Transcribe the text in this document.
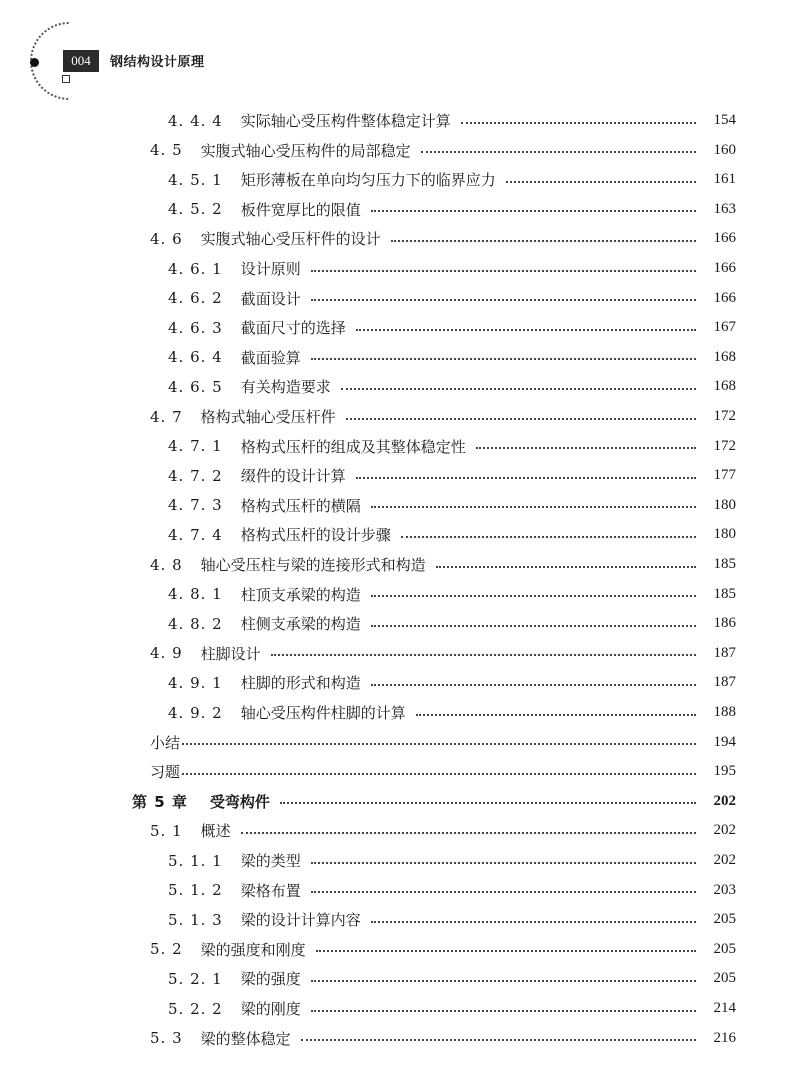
004	钢结构设计原理
4. 4. 4 实际轴心受压构件整体稳定计算	154
4. 5 实腹式轴心受压构件的局部稳定	160
4. 5. 1 矩形薄板在单向均匀压力下的临界应力	161
4. 5. 2 板件宽厚比的限值	163
4. 6 实腹式轴心受压杆件的设计	166
4. 6. 1 设计原则	166
4. 6. 2 截面设计	166
4. 6. 3 截面尺寸的选择	167
4. 6. 4 截面验算	168
4. 6. 5 有关构造要求	168
4. 7 格构式轴心受压杆件	172
4. 7. 1 格构式压杆的组成及其整体稳定性	172
4. 7. 2 缀件的设计计算	177
4. 7. 3 格构式压杆的横隔	180
4. 7. 4 格构式压杆的设计步骤	180
4. 8 轴心受压柱与梁的连接形式和构造	185
4. 8. 1 柱顶支承梁的构造	185
4. 8. 2 柱侧支承梁的构造	186
4. 9 柱脚设计	187
4. 9. 1 柱脚的形式和构造	187
4. 9. 2 轴心受压构件柱脚的计算	188
小结	194
习题	195
第 5 章 受弯构件	202
5. 1 概述	202
5. 1. 1 梁的类型	202
5. 1. 2 梁格布置	203
5. 1. 3 梁的设计计算内容	205
5. 2 梁的强度和刚度	205
5. 2. 1 梁的强度	205
5. 2. 2 梁的刚度	214
5. 3 梁的整体稳定	216
